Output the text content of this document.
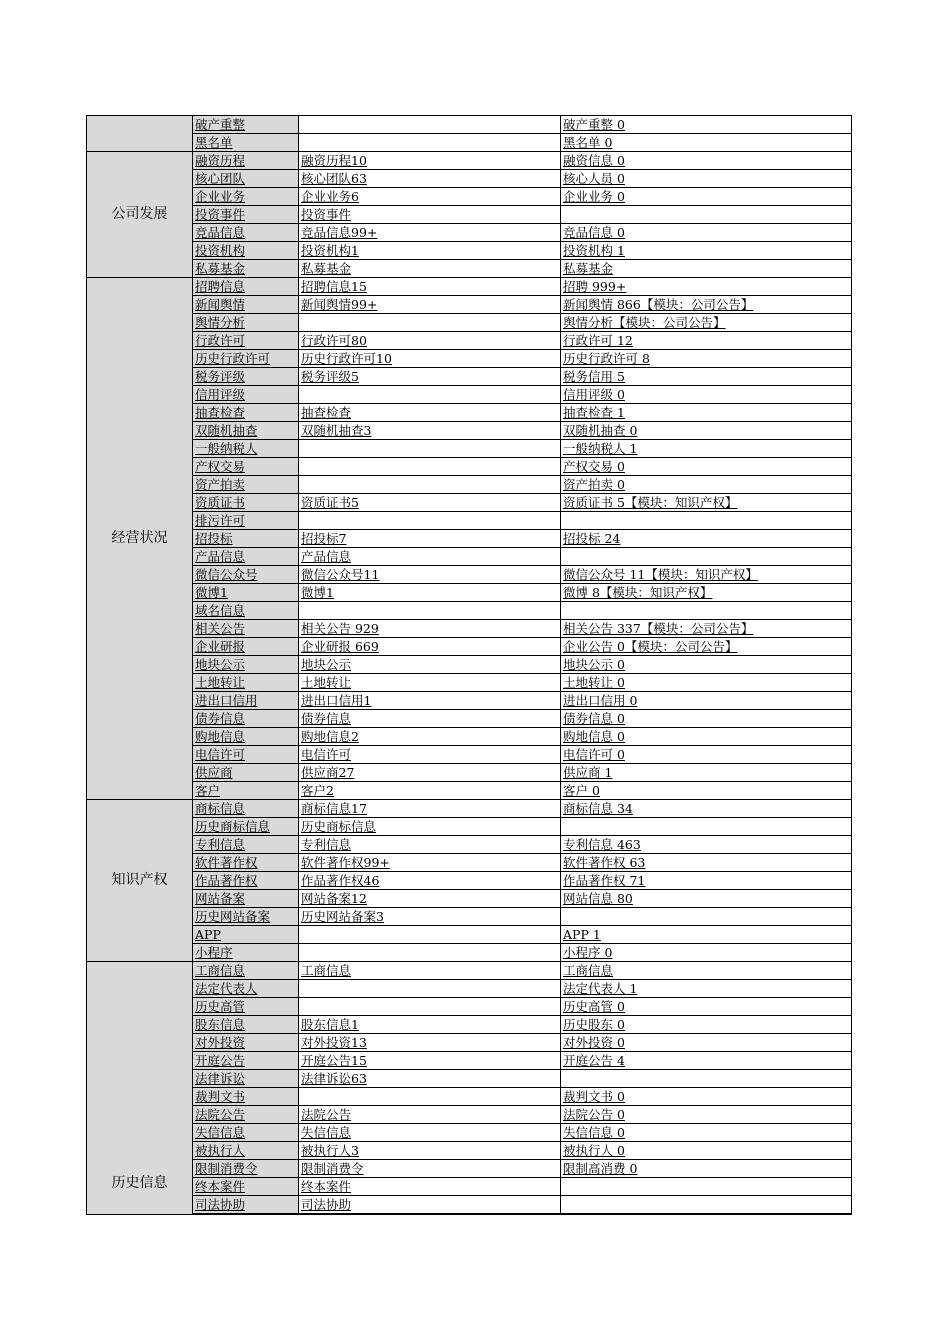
	破产重整		破产重整 0
	黑名单		黑名单 0
公司发展	融资历程	融资历程10	融资信息 0
	核心团队	核心团队63	核心人员 0
	企业业务	企业业务6	企业业务 0
	投资事件	投资事件	
	竞品信息	竞品信息99+	竞品信息 0
	投资机构	投资机构1	投资机构 1
	私募基金	私募基金	私募基金
经营状况	招聘信息	招聘信息15	招聘 999+
	新闻舆情	新闻舆情99+	新闻舆情 866【模块：公司公告】
	舆情分析		舆情分析【模块：公司公告】
	行政许可	行政许可80	行政许可 12
	历史行政许可	历史行政许可10	历史行政许可 8
	税务评级	税务评级5	税务信用 5
	信用评级		信用评级 0
	抽查检查	抽查检查	抽查检查 1
	双随机抽查	双随机抽查3	双随机抽查 0
	一般纳税人		一般纳税人 1
	产权交易		产权交易 0
	资产拍卖		资产拍卖 0
	资质证书	资质证书5	资质证书 5【模块：知识产权】
	排污许可		
	招投标	招投标7	招投标 24
	产品信息	产品信息	
	微信公众号	微信公众号11	微信公众号 11【模块：知识产权】
	微博1	微博1	微博 8【模块：知识产权】
	域名信息		
	相关公告	相关公告 929	相关公告 337【模块：公司公告】
	企业研报	企业研报 669	企业公告 0【模块：公司公告】
	地块公示	地块公示	地块公示 0
	土地转让	土地转让	土地转让 0
	进出口信用	进出口信用1	进出口信用 0
	债券信息	债券信息	债券信息 0
	购地信息	购地信息2	购地信息 0
	电信许可	电信许可	电信许可 0
	供应商	供应商27	供应商 1
	客户	客户2	客户 0
知识产权	商标信息	商标信息17	商标信息 34
	历史商标信息	历史商标信息	
	专利信息	专利信息	专利信息 463
	软件著作权	软件著作权99+	软件著作权 63
	作品著作权	作品著作权46	作品著作权 71
	网站备案	网站备案12	网站信息 80
	历史网站备案	历史网站备案3	
	APP		APP 1
	小程序		小程序 0
历史信息	工商信息	工商信息	工商信息
	法定代表人		法定代表人 1
	历史高管		历史高管 0
	股东信息	股东信息1	历史股东 0
	对外投资	对外投资13	对外投资 0
	开庭公告	开庭公告15	开庭公告 4
	法律诉讼	法律诉讼63	
	裁判文书		裁判文书 0
	法院公告	法院公告	法院公告 0
	失信信息	失信信息	失信信息 0
	被执行人	被执行人3	被执行人 0
	限制消费令	限制消费令	限制高消费 0
	终本案件	终本案件	
	司法协助	司法协助	
